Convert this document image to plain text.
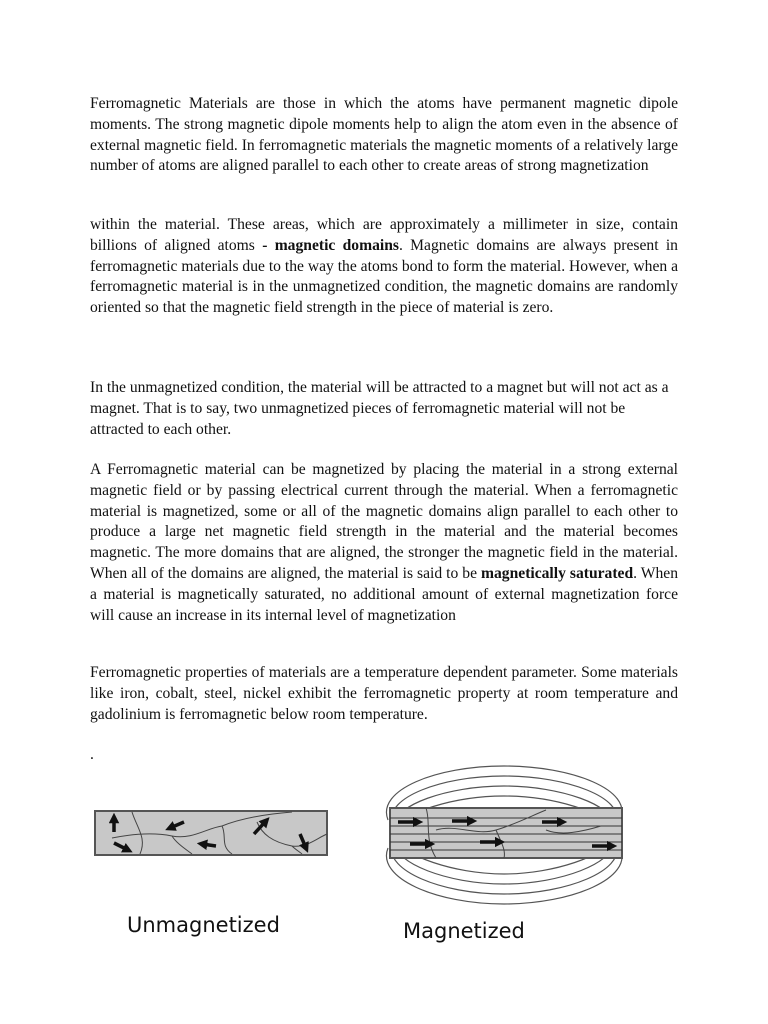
Ferromagnetic Materials are those in which the atoms have permanent magnetic dipole moments. The strong magnetic dipole moments help to align the atom even in the absence of external magnetic field. In ferromagnetic materials the magnetic moments of a relatively large number of atoms are aligned parallel to each other to create areas of strong magnetization

within the material. These areas, which are approximately a millimeter in size, contain billions of aligned atoms - magnetic domains. Magnetic domains are always present in ferromagnetic materials due to the way the atoms bond to form the material. However, when a ferromagnetic material is in the unmagnetized condition, the magnetic domains are randomly oriented so that the magnetic field strength in the piece of material is zero.

In the unmagnetized condition, the material will be attracted to a magnet but will not act as a magnet. That is to say, two unmagnetized pieces of ferromagnetic material will not be attracted to each other.

A Ferromagnetic material can be magnetized by placing the material in a strong external magnetic field or by passing electrical current through the material. When a ferromagnetic material is magnetized, some or all of the magnetic domains align parallel to each other to produce a large net magnetic field strength in the material and the material becomes magnetic. The more domains that are aligned, the stronger the magnetic field in the material. When all of the domains are aligned, the material is said to be magnetically saturated. When a material is magnetically saturated, no additional amount of external magnetization force will cause an increase in its internal level of magnetization

Ferromagnetic properties of materials are a temperature dependent parameter. Some materials like iron, cobalt, steel, nickel exhibit the ferromagnetic property at room temperature and gadolinium is ferromagnetic below room temperature.

.
Unmagnetized	Magnetized
